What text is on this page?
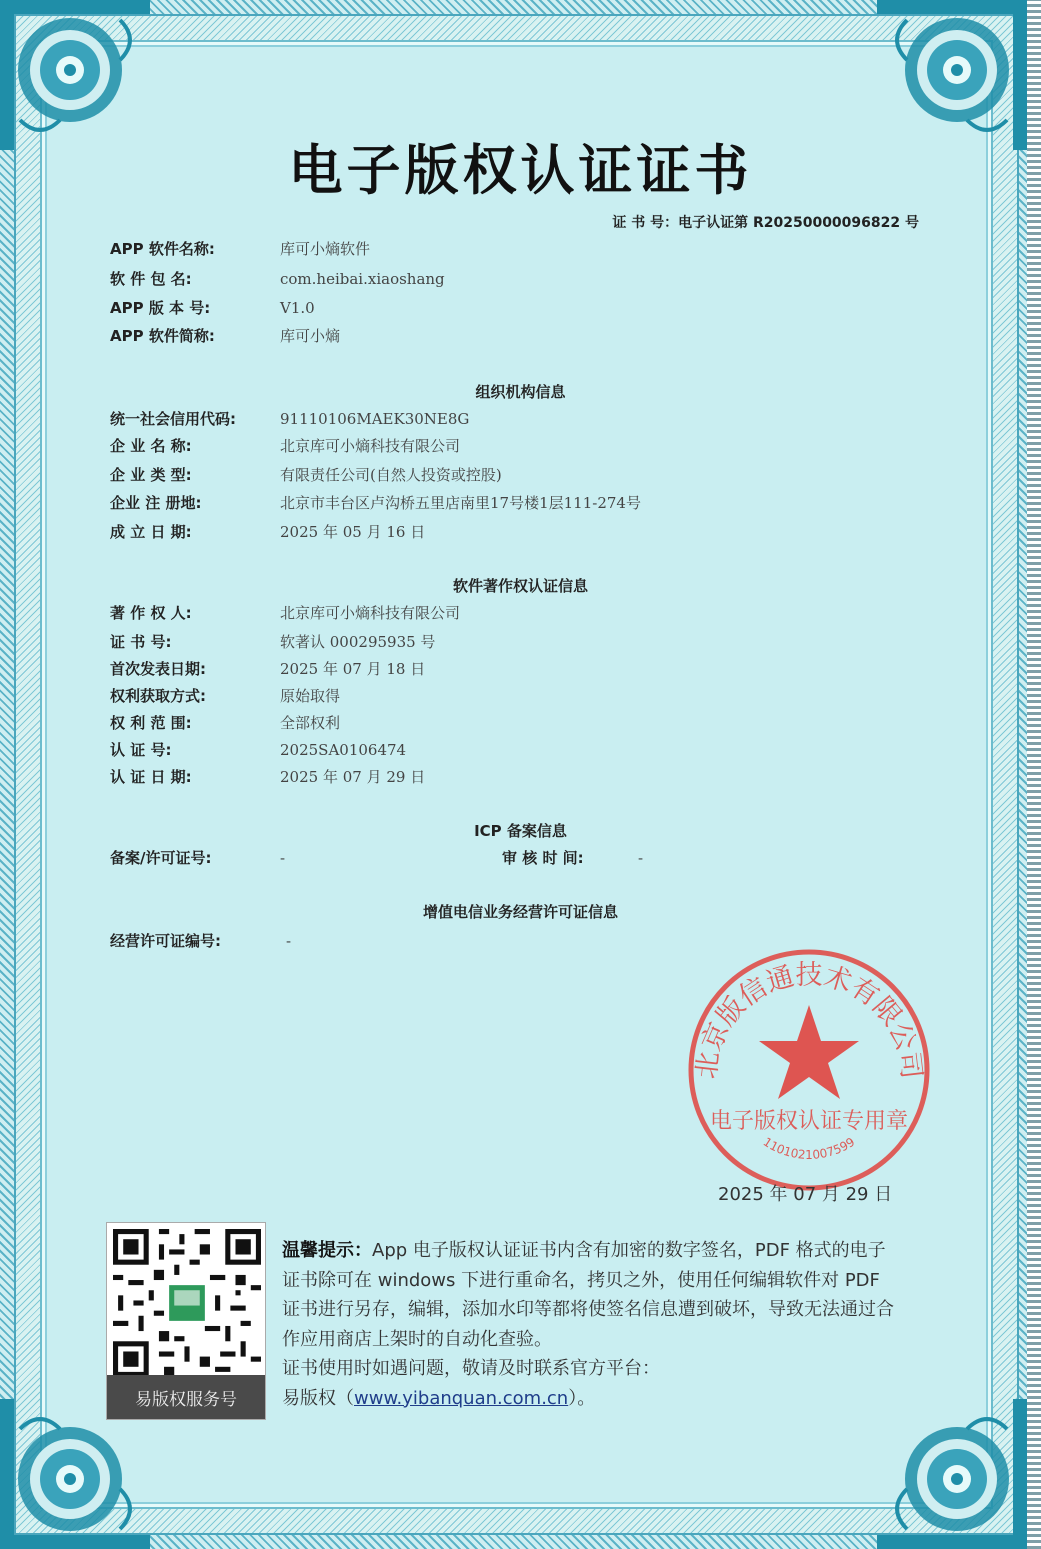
电子版权认证证书
证 书 号：电子认证第 R20250000096822 号
APP 软件名称:	库可小熵软件
软 件 包 名:	com.heibai.xiaoshang
APP 版 本 号:	V1.0
APP 软件简称:	库可小熵
组织机构信息
统一社会信用代码:	91110106MAEK30NE8G
企 业 名 称:	北京库可小熵科技有限公司
企 业 类 型:	有限责任公司(自然人投资或控股)
企业 注 册地:	北京市丰台区卢沟桥五里店南里17号楼1层111-274号
成 立 日 期:	2025 年 05 月 16 日
软件著作权认证信息
著 作 权 人:	北京库可小熵科技有限公司
证 书 号:	软著认 000295935 号
首次发表日期:	2025 年 07 月 18 日
权利获取方式:	原始取得
权 利 范 围:	全部权利
认 证 号:	2025SA0106474
认 证 日 期:	2025 年 07 月 29 日
ICP 备案信息
备案/许可证号:	-	审 核 时 间:	-
增值电信业务经营许可证信息
经营许可证编号:	-
北京版信通技术有限公司
电子版权认证专用章
1101021007599
2025 年 07 月 29 日
易版权服务号
温馨提示：App 电子版权认证证书内含有加密的数字签名，PDF 格式的电子证书除可在 windows 下进行重命名，拷贝之外，使用任何编辑软件对 PDF 证书进行另存，编辑，添加水印等都将使签名信息遭到破坏，导致无法通过合作应用商店上架时的自动化查验。
证书使用时如遇问题，敬请及时联系官方平台：
易版权（www.yibanquan.com.cn）。
